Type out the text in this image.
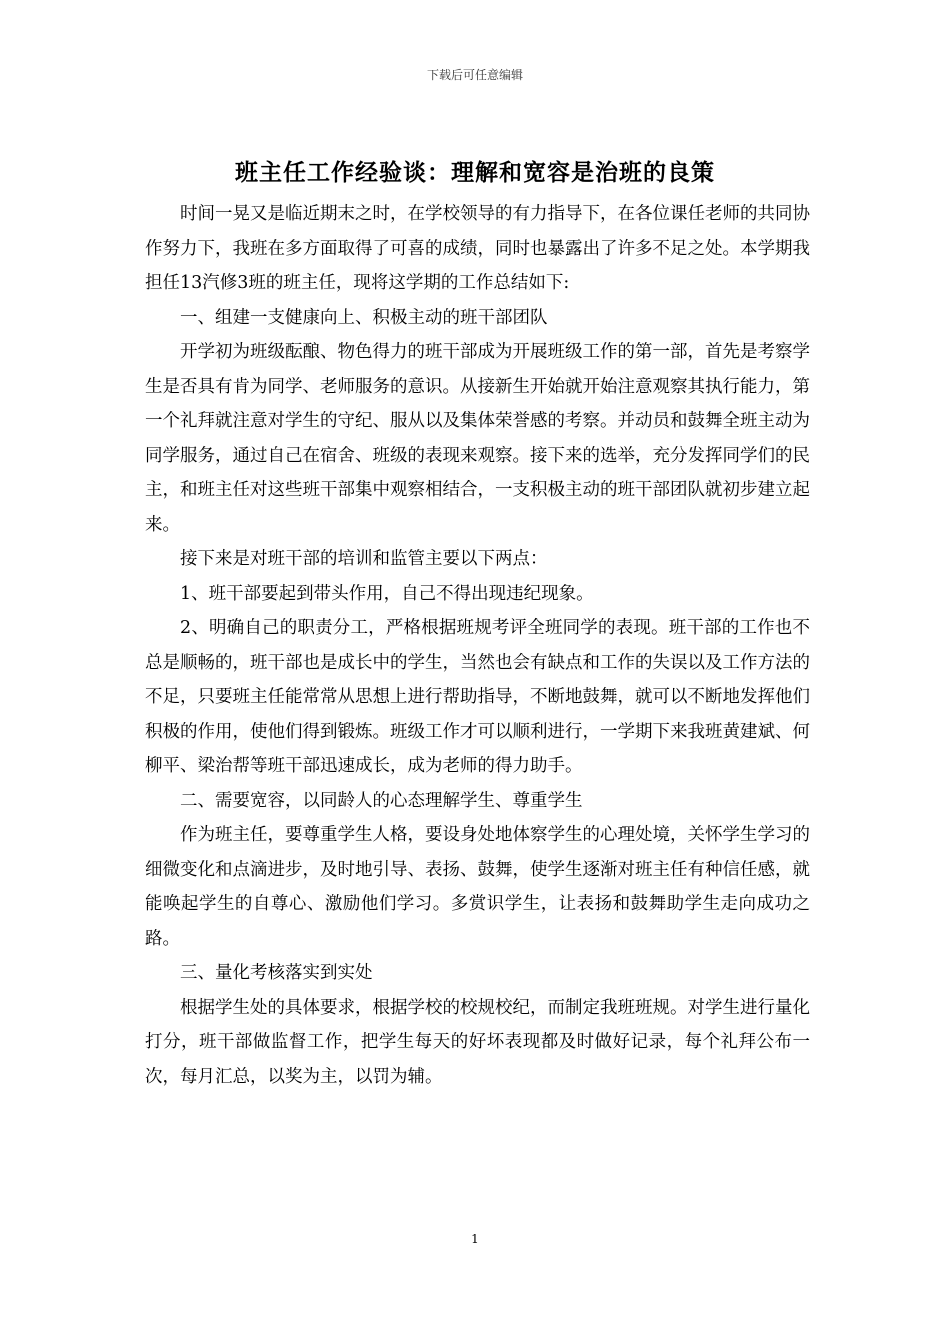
下载后可任意编辑
班主任工作经验谈：理解和宽容是治班的良策

时间一晃又是临近期末之时，在学校领导的有力指导下，在各位课任老师的共同协作努力下，我班在多方面取得了可喜的成绩，同时也暴露出了许多不足之处。本学期我担任13汽修3班的班主任，现将这学期的工作总结如下:

一、组建一支健康向上、积极主动的班干部团队

开学初为班级酝酿、物色得力的班干部成为开展班级工作的第一部，首先是考察学生是否具有肯为同学、老师服务的意识。从接新生开始就开始注意观察其执行能力，第一个礼拜就注意对学生的守纪、服从以及集体荣誉感的考察。并动员和鼓舞全班主动为同学服务，通过自己在宿舍、班级的表现来观察。接下来的选举，充分发挥同学们的民主，和班主任对这些班干部集中观察相结合，一支积极主动的班干部团队就初步建立起来。

接下来是对班干部的培训和监管主要以下两点：

1、班干部要起到带头作用，自己不得出现违纪现象。

2、明确自己的职责分工，严格根据班规考评全班同学的表现。班干部的工作也不总是顺畅的，班干部也是成长中的学生，当然也会有缺点和工作的失误以及工作方法的不足，只要班主任能常常从思想上进行帮助指导，不断地鼓舞，就可以不断地发挥他们积极的作用，使他们得到锻炼。班级工作才可以顺利进行，一学期下来我班黄建斌、何柳平、梁治帮等班干部迅速成长，成为老师的得力助手。

二、需要宽容，以同龄人的心态理解学生、尊重学生

作为班主任，要尊重学生人格，要设身处地体察学生的心理处境，关怀学生学习的细微变化和点滴进步，及时地引导、表扬、鼓舞，使学生逐渐对班主任有种信任感，就能唤起学生的自尊心、激励他们学习。多赏识学生，让表扬和鼓舞助学生走向成功之路。

三、量化考核落实到实处

根据学生处的具体要求，根据学校的校规校纪，而制定我班班规。对学生进行量化打分，班干部做监督工作，把学生每天的好坏表现都及时做好记录，每个礼拜公布一次，每月汇总，以奖为主，以罚为辅。

1
